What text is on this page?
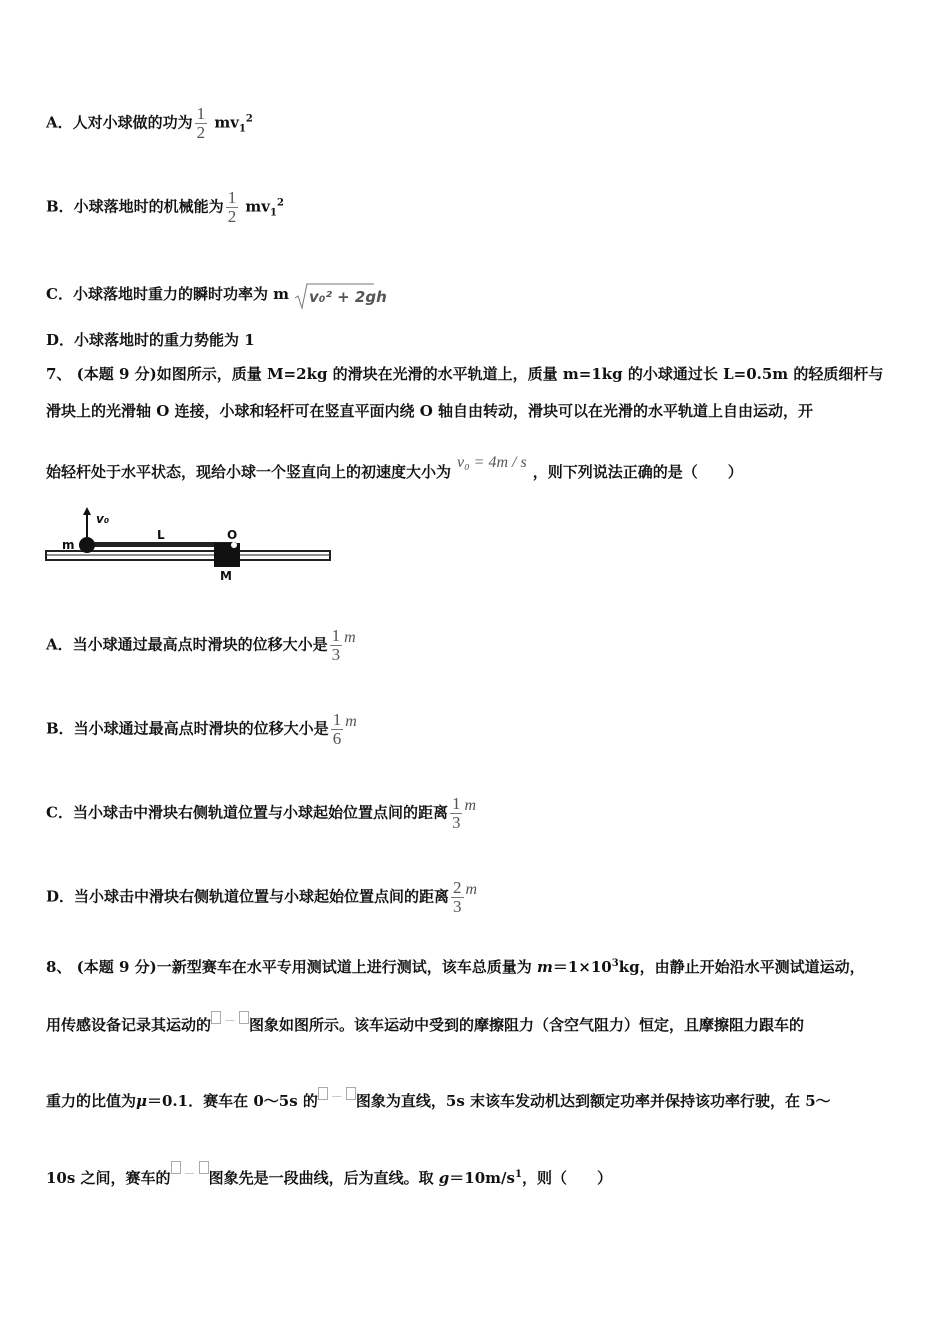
A．人对小球做的功为 $\frac{1}{2} mv_1^2$
B．小球落地时的机械能为 $\frac{1}{2} mv_1^2$
C．小球落地时重力的瞬时功率为 m v₀² + 2gh
D．小球落地时的重力势能为 1
7、 (本题 9 分)如图所示，质量 M=2kg 的滑块在光滑的水平轨道上，质量 m=1kg 的小球通过长 L=0.5m 的轻质细杆与
滑块上的光滑轴 O 连接，小球和轻杆可在竖直平面内绕 O 轴自由转动，滑块可以在光滑的水平轨道上自由运动，开
始轻杆处于水平状态，现给小球一个竖直向上的初速度大小为v₀ = 4m / s，则下列说法正确的是（　　）
m
v₀
L	O
M
A．当小球通过最高点时滑块的位移大小是 $\frac{1}{3}$ m
B．当小球通过最高点时滑块的位移大小是 $\frac{1}{6}$ m
C．当小球击中滑块右侧轨道位置与小球起始位置点间的距离 $\frac{1}{3}$ m
D．当小球击中滑块右侧轨道位置与小球起始位置点间的距离 $\frac{2}{3}$ m
8、 (本题 9 分)一新型赛车在水平专用测试道上进行测试，该车总质量为 $m=1\times 10^3kg$，由静止开始沿水平测试道运动，
用传感设备记录其运动的 － 图象如图所示。该车运动中受到的摩擦阻力（含空气阻力）恒定，且摩擦阻力跟车的
重力的比值为μ＝0.1．赛车在 0～5s 的 － 图象为直线，5s 末该车发动机达到额定功率并保持该功率行驶，在 5～
10s 之间，赛车的 － 图象先是一段曲线，后为直线。取 $g=10m/s^1$，则（　　）
